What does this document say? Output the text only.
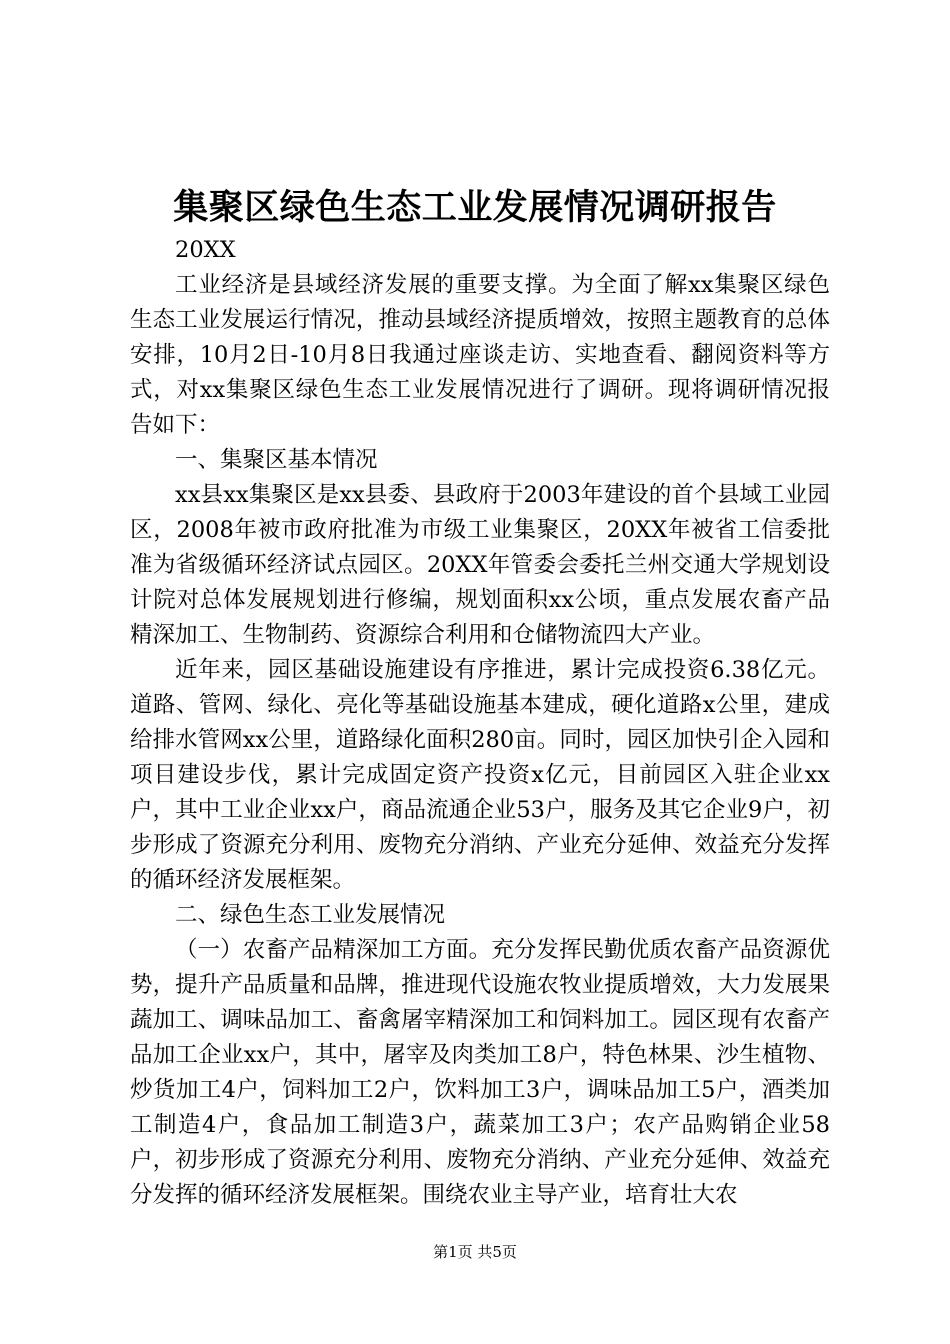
集聚区绿色生态工业发展情况调研报告

20XX

工业经济是县域经济发展的重要支撑。为全面了解xx集聚区绿色生态工业发展运行情况，推动县域经济提质增效，按照主题教育的总体安排，10月2日-10月8日我通过座谈走访、实地查看、翻阅资料等方式，对xx集聚区绿色生态工业发展情况进行了调研。现将调研情况报告如下：

一、集聚区基本情况

xx县xx集聚区是xx县委、县政府于2003年建设的首个县域工业园区，2008年被市政府批准为市级工业集聚区，20XX年被省工信委批准为省级循环经济试点园区。20XX年管委会委托兰州交通大学规划设计院对总体发展规划进行修编，规划面积xx公顷，重点发展农畜产品精深加工、生物制药、资源综合利用和仓储物流四大产业。

近年来，园区基础设施建设有序推进，累计完成投资6.38亿元。道路、管网、绿化、亮化等基础设施基本建成，硬化道路x公里，建成给排水管网xx公里，道路绿化面积280亩。同时，园区加快引企入园和项目建设步伐，累计完成固定资产投资x亿元，目前园区入驻企业xx户，其中工业企业xx户，商品流通企业53户，服务及其它企业9户，初步形成了资源充分利用、废物充分消纳、产业充分延伸、效益充分发挥的循环经济发展框架。

二、绿色生态工业发展情况

（一）农畜产品精深加工方面。充分发挥民勤优质农畜产品资源优势，提升产品质量和品牌，推进现代设施农牧业提质增效，大力发展果蔬加工、调味品加工、畜禽屠宰精深加工和饲料加工。园区现有农畜产品加工企业xx户，其中，屠宰及肉类加工8户，特色林果、沙生植物、炒货加工4户，饲料加工2户，饮料加工3户，调味品加工5户，酒类加工制造4户，食品加工制造3户，蔬菜加工3户；农产品购销企业58户，初步形成了资源充分利用、废物充分消纳、产业充分延伸、效益充分发挥的循环经济发展框架。围绕农业主导产业，培育壮大农

第1页 共5页
